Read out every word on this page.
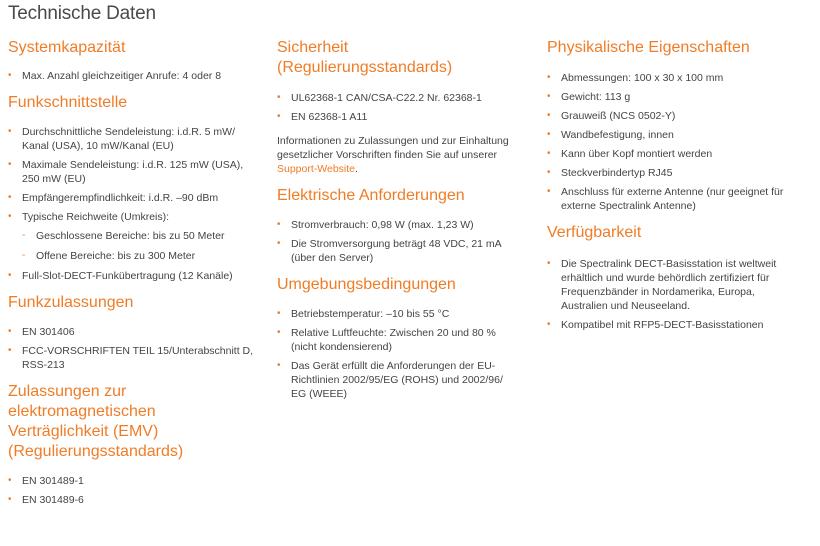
Technische Daten
Systemkapazität
• Max. Anzahl gleichzeitiger Anrufe: 4 oder 8
Funkschnittstelle
• Durchschnittliche Sendeleistung: i.d.R. 5 mW/ Kanal (USA), 10 mW/Kanal (EU)
• Maximale Sendeleistung: i.d.R. 125 mW (USA), 250 mW (EU)
• Empfängerempfindlichkeit: i.d.R. –90 dBm
• Typische Reichweite (Umkreis):
- Geschlossene Bereiche: bis zu 50 Meter
- Offene Bereiche: bis zu 300 Meter
• Full-Slot-DECT-Funkübertragung (12 Kanäle)
Funkzulassungen
• EN 301406
• FCC-VORSCHRIFTEN TEIL 15/Unterabschnitt D, RSS-213
Zulassungen zur elektromagnetischen Verträglichkeit (EMV) (Regulierungsstandards)
• EN 301489-1
• EN 301489-6
Sicherheit (Regulierungsstandards)
• UL62368-1 CAN/CSA-C22.2 Nr. 62368-1
• EN 62368-1 A11

Informationen zu Zulassungen und zur Einhaltung gesetzlicher Vorschriften finden Sie auf unserer Support-Website.

Elektrische Anforderungen
• Stromverbrauch: 0,98 W (max. 1,23 W)
• Die Stromversorgung beträgt 48 VDC, 21 mA (über den Server)
Umgebungsbedingungen
• Betriebstemperatur: –10 bis 55 °C
• Relative Luftfeuchte: Zwischen 20 und 80 % (nicht kondensierend)
• Das Gerät erfüllt die Anforderungen der EU-Richtlinien 2002/95/EG (ROHS) und 2002/96/ EG (WEEE)
Physikalische Eigenschaften
• Abmessungen: 100 x 30 x 100 mm
• Gewicht: 113 g
• Grauweiß (NCS 0502-Y)
• Wandbefestigung, innen
• Kann über Kopf montiert werden
• Steckverbindertyp RJ45
• Anschluss für externe Antenne (nur geeignet für externe Spectralink Antenne)
Verfügbarkeit
• Die Spectralink DECT-Basisstation ist weltweit erhältlich und wurde behördlich zertifiziert für Frequenzbänder in Nordamerika, Europa, Australien und Neuseeland.
• Kompatibel mit RFP5-DECT-Basisstationen
